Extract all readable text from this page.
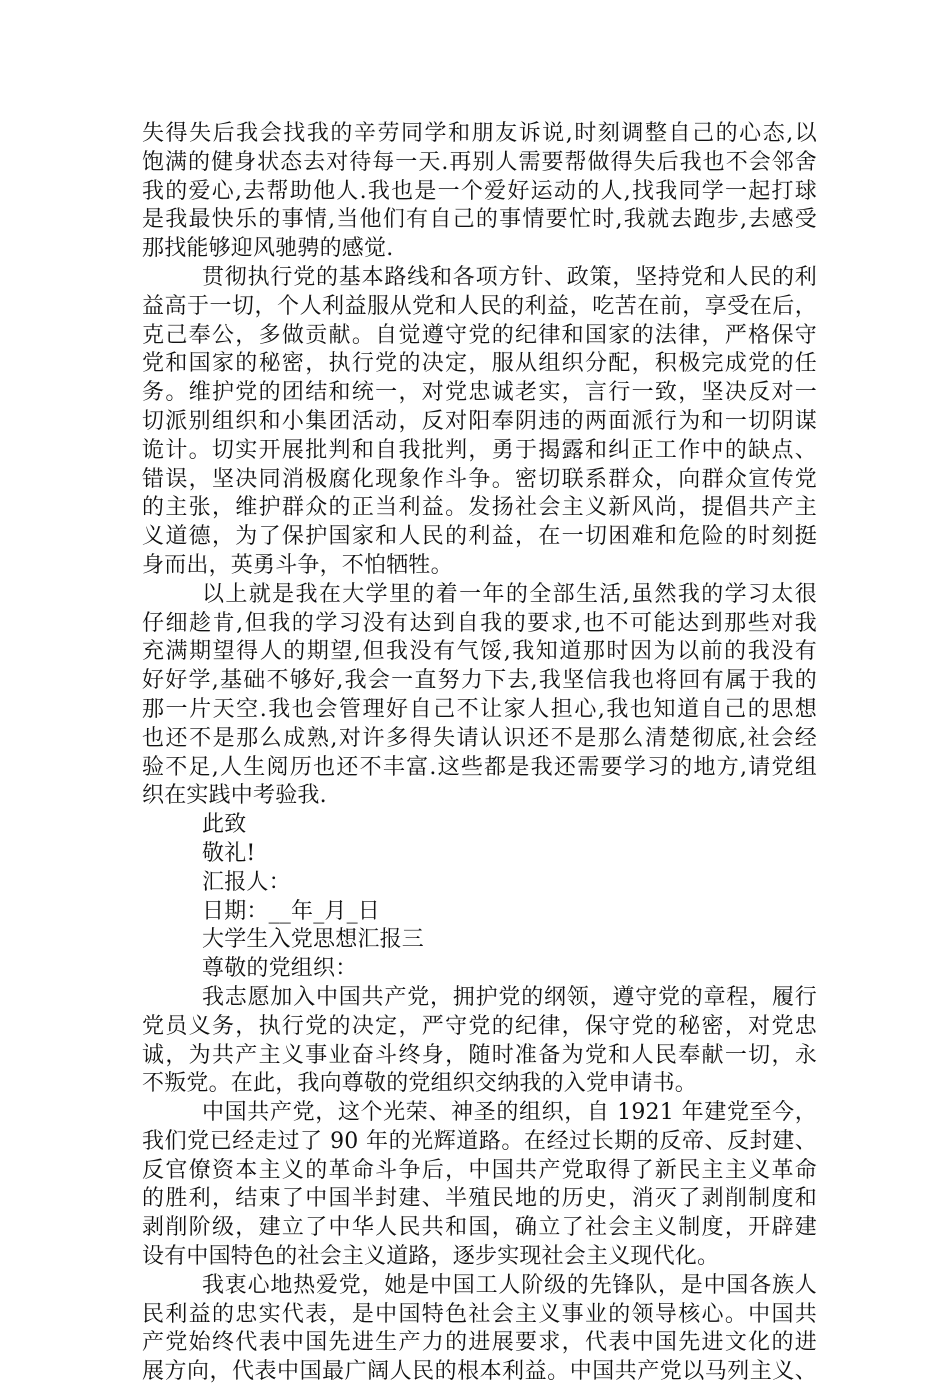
失得失后我会找我的辛劳同学和朋友诉说,时刻调整自己的心态,以
饱满的健身状态去对待每一天.再别人需要帮做得失后我也不会邻舍
我的爱心,去帮助他人.我也是一个爱好运动的人,找我同学一起打球
是我最快乐的事情,当他们有自己的事情要忙时,我就去跑步,去感受
那找能够迎风驰骋的感觉.
贯彻执行党的基本路线和各项方针、政策，坚持党和人民的利
益高于一切，个人利益服从党和人民的利益，吃苦在前，享受在后，
克己奉公，多做贡献。自觉遵守党的纪律和国家的法律，严格保守
党和国家的秘密，执行党的决定，服从组织分配，积极完成党的任
务。维护党的团结和统一，对党忠诚老实，言行一致，坚决反对一
切派别组织和小集团活动，反对阳奉阴违的两面派行为和一切阴谋
诡计。切实开展批判和自我批判，勇于揭露和纠正工作中的缺点、
错误，坚决同消极腐化现象作斗争。密切联系群众，向群众宣传党
的主张，维护群众的正当利益。发扬社会主义新风尚，提倡共产主
义道德，为了保护国家和人民的利益，在一切困难和危险的时刻挺
身而出，英勇斗争，不怕牺牲。
以上就是我在大学里的着一年的全部生活,虽然我的学习太很
仔细趁肯,但我的学习没有达到自我的要求,也不可能达到那些对我
充满期望得人的期望,但我没有气馁,我知道那时因为以前的我没有
好好学,基础不够好,我会一直努力下去,我坚信我也将回有属于我的
那一片天空.我也会管理好自己不让家人担心,我也知道自己的思想
也还不是那么成熟,对许多得失请认识还不是那么清楚彻底,社会经
验不足,人生阅历也还不丰富.这些都是我还需要学习的地方,请党组
织在实践中考验我.
此致
敬礼!
汇报人：
日期：__年_月_日
大学生入党思想汇报三
尊敬的党组织：
我志愿加入中国共产党，拥护党的纲领，遵守党的章程，履行
党员义务，执行党的决定，严守党的纪律，保守党的秘密，对党忠
诚，为共产主义事业奋斗终身，随时准备为党和人民奉献一切，永
不叛党。在此，我向尊敬的党组织交纳我的入党申请书。
中国共产党，这个光荣、神圣的组织，自 1921 年建党至今，
我们党已经走过了 90 年的光辉道路。在经过长期的反帝、反封建、
反官僚资本主义的革命斗争后，中国共产党取得了新民主主义革命
的胜利，结束了中国半封建、半殖民地的历史，消灭了剥削制度和
剥削阶级，建立了中华人民共和国，确立了社会主义制度，开辟建
设有中国特色的社会主义道路，逐步实现社会主义现代化。
我衷心地热爱党，她是中国工人阶级的先锋队，是中国各族人
民利益的忠实代表，是中国特色社会主义事业的领导核心。中国共
产党始终代表中国先进生产力的进展要求，代表中国先进文化的进
展方向，代表中国最广阔人民的根本利益。中国共产党以马列主义、
